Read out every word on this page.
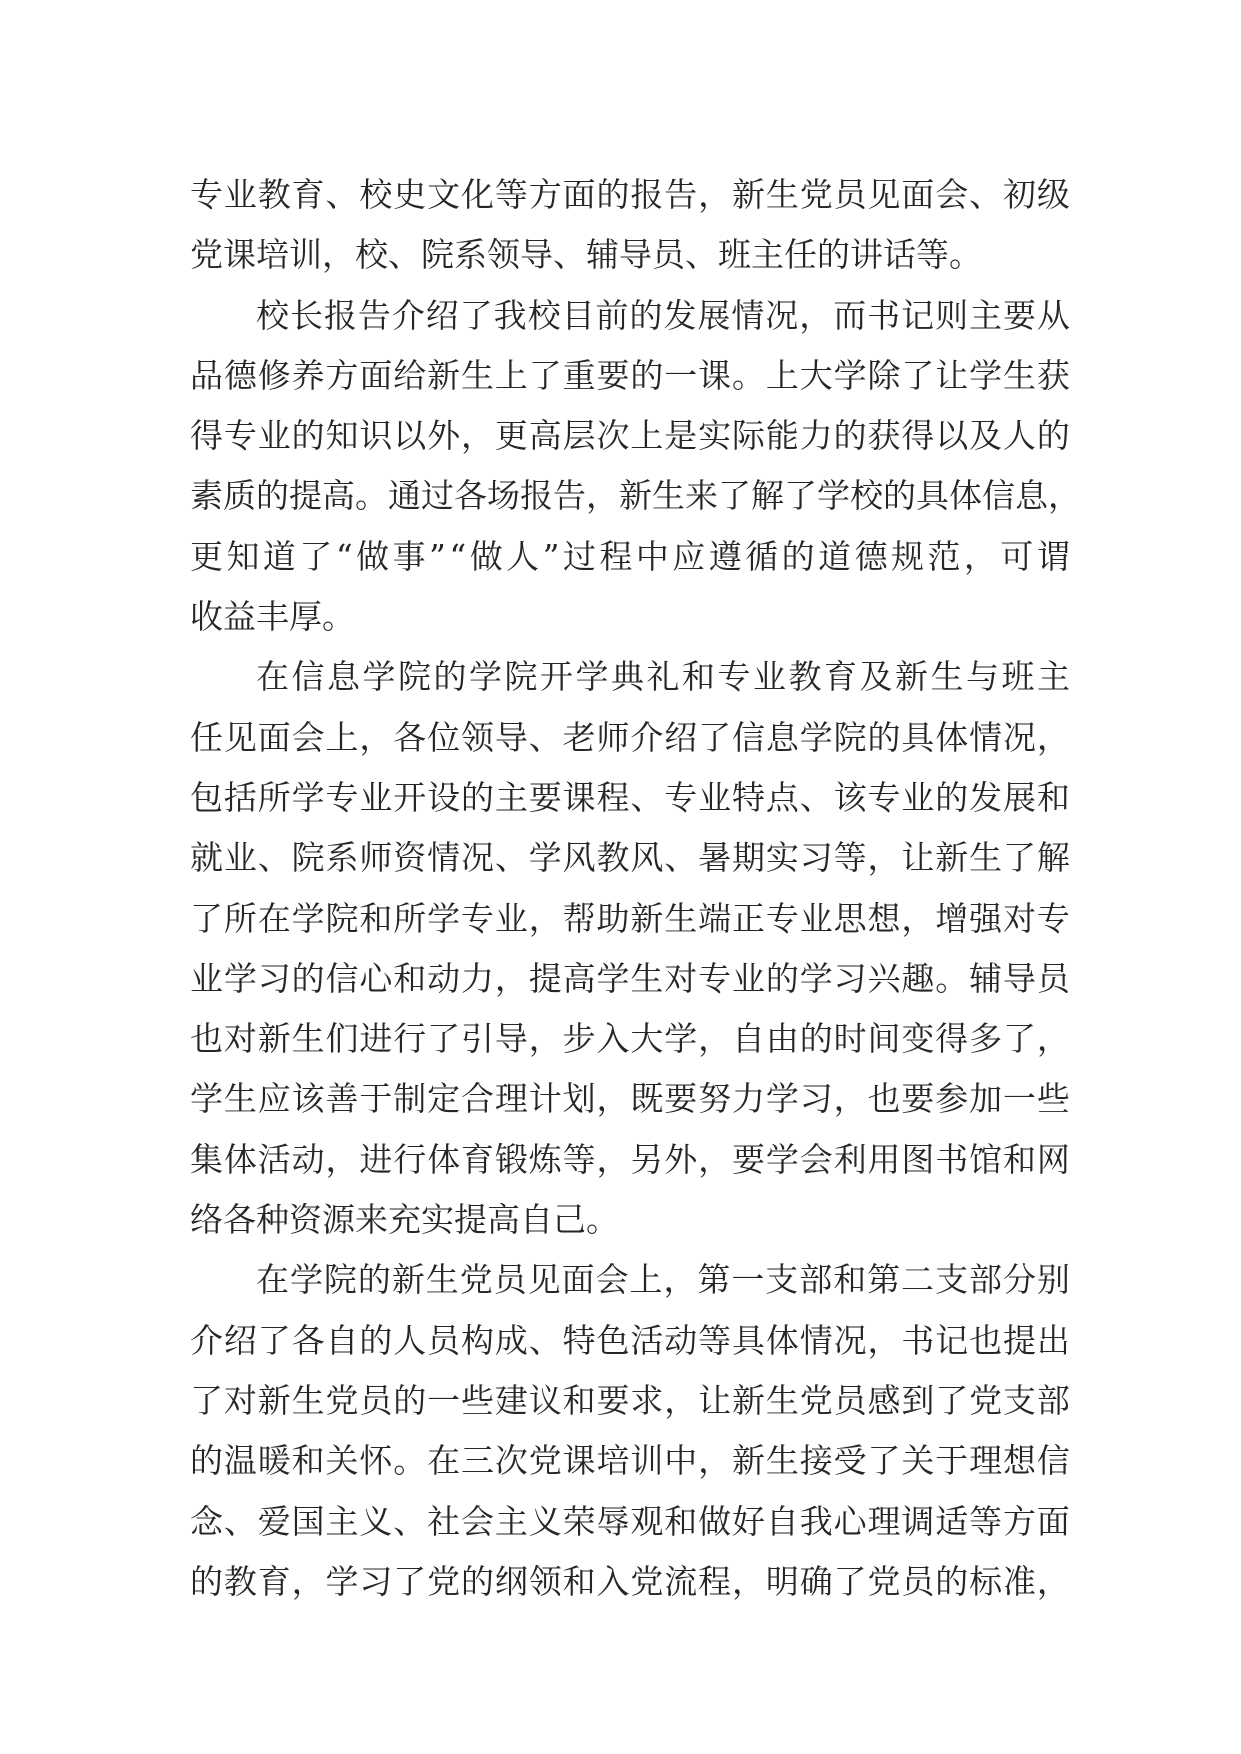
专 业 教 育 、 校 史 文 化 等 方 面 的 报 告 ， 新 生 党 员 见 面 会 、 初 级
党 课 培 训 ， 校 、 院 系 领 导 、 辅 导 员 、 班 主 任 的 讲 话 等 。
校 长 报 告 介 绍 了 我 校 目 前 的 发 展 情 况 ， 而 书 记 则 主 要 从
品 德 修 养 方 面 给 新 生 上 了 重 要 的 一 课 。 上 大 学 除 了 让 学 生 获
得 专 业 的 知 识 以 外 ， 更 高 层 次 上 是 实 际 能 力 的 获 得 以 及 人 的
素 质 的 提 高 。 通 过 各 场 报 告 ， 新 生 来 了 解 了 学 校 的 具 体 信 息 ，
更 知 道 了 “ 做 事 ” “ 做 人 ” 过 程 中 应 遵 循 的 道 德 规 范 ， 可 谓
收 益 丰 厚 。
在 信 息 学 院 的 学 院 开 学 典 礼 和 专 业 教 育 及 新 生 与 班 主
任 见 面 会 上 ， 各 位 领 导 、 老 师 介 绍 了 信 息 学 院 的 具 体 情 况 ，
包 括 所 学 专 业 开 设 的 主 要 课 程 、 专 业 特 点 、 该 专 业 的 发 展 和
就 业 、 院 系 师 资 情 况 、 学 风 教 风 、 暑 期 实 习 等 ， 让 新 生 了 解
了 所 在 学 院 和 所 学 专 业 ， 帮 助 新 生 端 正 专 业 思 想 ， 增 强 对 专
业 学 习 的 信 心 和 动 力 ， 提 高 学 生 对 专 业 的 学 习 兴 趣 。 辅 导 员
也 对 新 生 们 进 行 了 引 导 ， 步 入 大 学 ， 自 由 的 时 间 变 得 多 了 ，
学 生 应 该 善 于 制 定 合 理 计 划 ， 既 要 努 力 学 习 ， 也 要 参 加 一 些
集 体 活 动 ， 进 行 体 育 锻 炼 等 ， 另 外 ， 要 学 会 利 用 图 书 馆 和 网
络 各 种 资 源 来 充 实 提 高 自 己 。
在 学 院 的 新 生 党 员 见 面 会 上 ， 第 一 支 部 和 第 二 支 部 分 别
介 绍 了 各 自 的 人 员 构 成 、 特 色 活 动 等 具 体 情 况 ， 书 记 也 提 出
了 对 新 生 党 员 的 一 些 建 议 和 要 求 ， 让 新 生 党 员 感 到 了 党 支 部
的 温 暖 和 关 怀 。 在 三 次 党 课 培 训 中 ， 新 生 接 受 了 关 于 理 想 信
念 、 爱 国 主 义 、 社 会 主 义 荣 辱 观 和 做 好 自 我 心 理 调 适 等 方 面
的 教 育 ， 学 习 了 党 的 纲 领 和 入 党 流 程 ， 明 确 了 党 员 的 标 准 ，
